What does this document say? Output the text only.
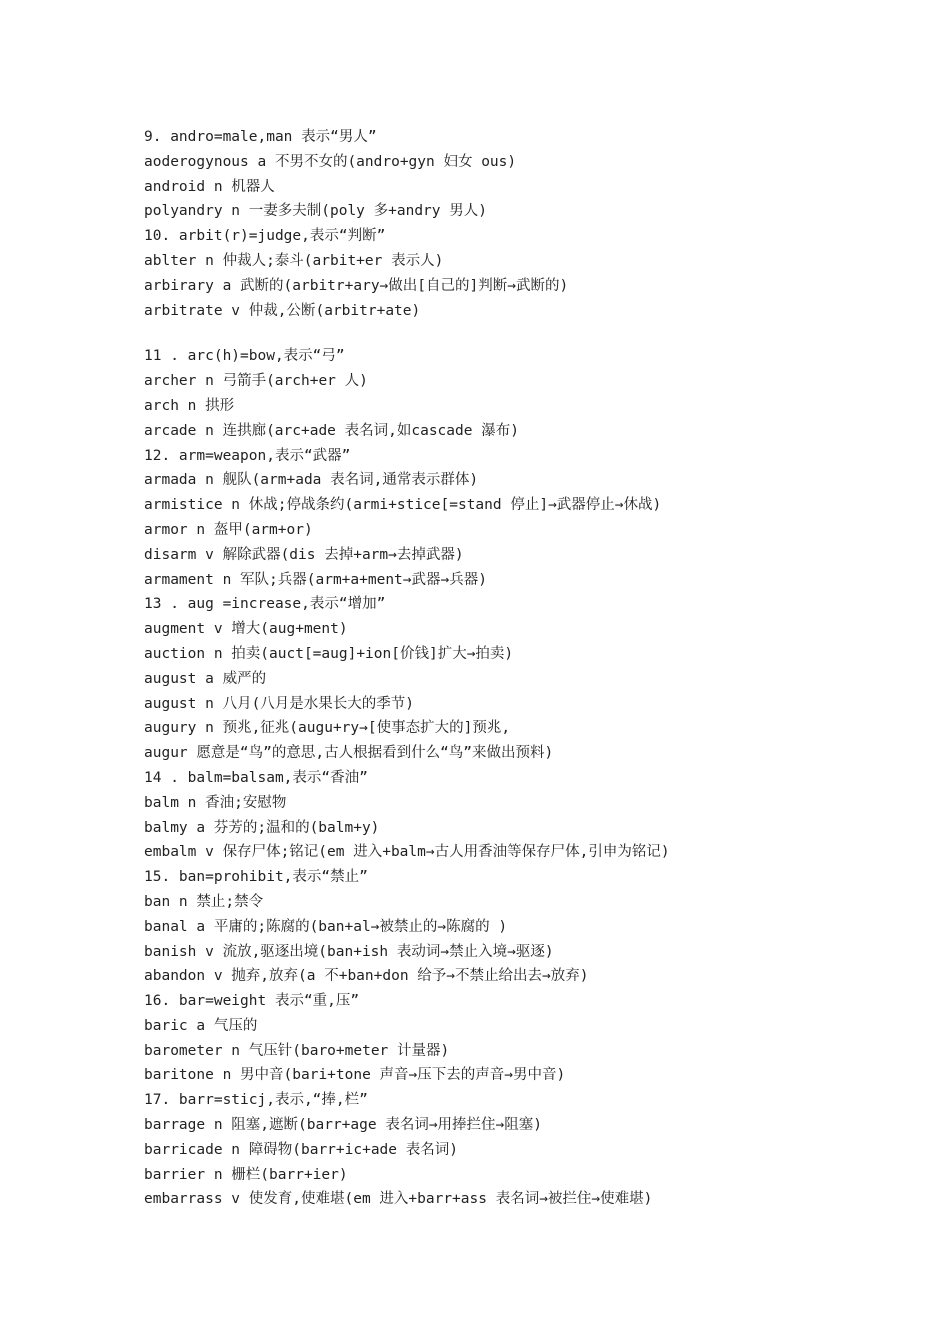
9. andro=male,man 表示“男人”
aoderogynous a 不男不女的(andro+gyn 妇女 ous)
android n 机器人
polyandry n 一妻多夫制(poly 多+andry 男人)
10. arbit(r)=judge,表示“判断”
ablter n 仲裁人;泰斗(arbit+er 表示人)
arbirary a 武断的(arbitr+ary→做出[自己的]判断→武断的)
arbitrate v 仲裁,公断(arbitr+ate)
11 . arc(h)=bow,表示“弓”
archer n 弓箭手(arch+er 人)
arch n 拱形
arcade n 连拱廊(arc+ade 表名词,如cascade 瀑布)
12. arm=weapon,表示“武器”
armada n 舰队(arm+ada 表名词,通常表示群体)
armistice n 休战;停战条约(armi+stice[=stand 停止]→武器停止→休战)
armor n 盔甲(arm+or)
disarm v 解除武器(dis 去掉+arm→去掉武器)
armament n 军队;兵器(arm+a+ment→武器→兵器)
13 . aug =increase,表示“增加”
augment v 增大(aug+ment)
auction n 拍卖(auct[=aug]+ion[价钱]扩大→拍卖)
august a 威严的
august n 八月(八月是水果长大的季节)
augury n 预兆,征兆(augu+ry→[使事态扩大的]预兆,
augur 愿意是“鸟”的意思,古人根据看到什么“鸟”来做出预料)
14 . balm=balsam,表示“香油”
balm n 香油;安慰物
balmy a 芬芳的;温和的(balm+y)
embalm v 保存尸体;铭记(em 进入+balm→古人用香油等保存尸体,引申为铭记)
15. ban=prohibit,表示“禁止”
ban n 禁止;禁令
banal a 平庸的;陈腐的(ban+al→被禁止的→陈腐的 )
banish v 流放,驱逐出境(ban+ish 表动词→禁止入境→驱逐)
abandon v 抛弃,放弃(a 不+ban+don 给予→不禁止给出去→放弃)
16. bar=weight 表示“重,压”
baric a 气压的
barometer n 气压针(baro+meter 计量器)
baritone n 男中音(bari+tone 声音→压下去的声音→男中音)
17. barr=sticj,表示,“捧,栏”
barrage n 阻塞,遮断(barr+age 表名词→用捧拦住→阻塞)
barricade n 障碍物(barr+ic+ade 表名词)
barrier n 栅栏(barr+ier)
embarrass v 使发育,使难堪(em 进入+barr+ass 表名词→被拦住→使难堪)
